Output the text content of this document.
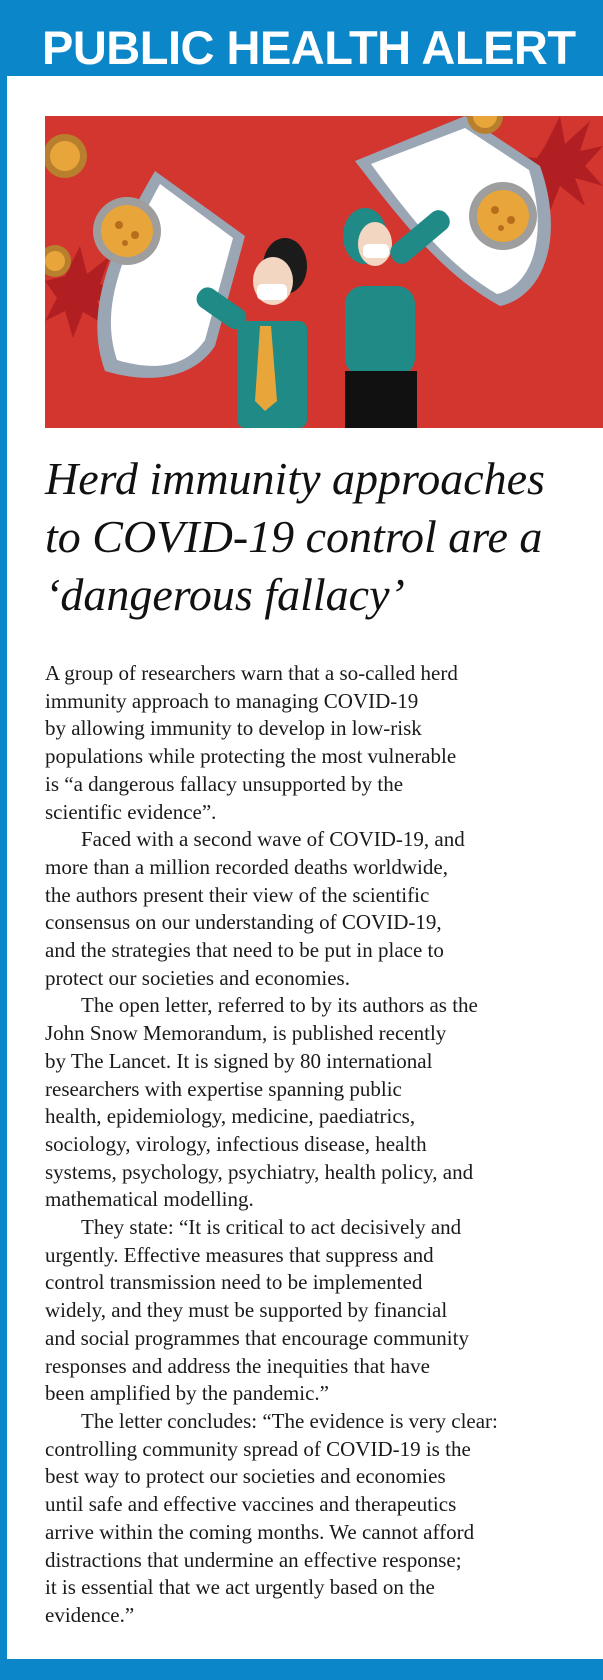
PUBLIC HEALTH ALERT
Herd immunity approaches
to COVID-19 control are a
‘dangerous fallacy’

A group of researchers warn that a so-called herd
immunity approach to managing COVID-19
by allowing immunity to develop in low-risk
populations while protecting the most vulnerable
is “a dangerous fallacy unsupported by the
scientific evidence”.

Faced with a second wave of COVID-19, and
more than a million recorded deaths worldwide,
the authors present their view of the scientific
consensus on our understanding of COVID-19,
and the strategies that need to be put in place to
protect our societies and economies.

The open letter, referred to by its authors as the
John Snow Memorandum, is published recently
by The Lancet. It is signed by 80 international
researchers with expertise spanning public
health, epidemiology, medicine, paediatrics,
sociology, virology, infectious disease, health
systems, psychology, psychiatry, health policy, and
mathematical modelling.

They state: “It is critical to act decisively and
urgently. Effective measures that suppress and
control transmission need to be implemented
widely, and they must be supported by financial
and social programmes that encourage community
responses and address the inequities that have
been amplified by the pandemic.”

The letter concludes: “The evidence is very clear:
controlling community spread of COVID-19 is the
best way to protect our societies and economies
until safe and effective vaccines and therapeutics
arrive within the coming months. We cannot afford
distractions that undermine an effective response;
it is essential that we act urgently based on the
evidence.”
